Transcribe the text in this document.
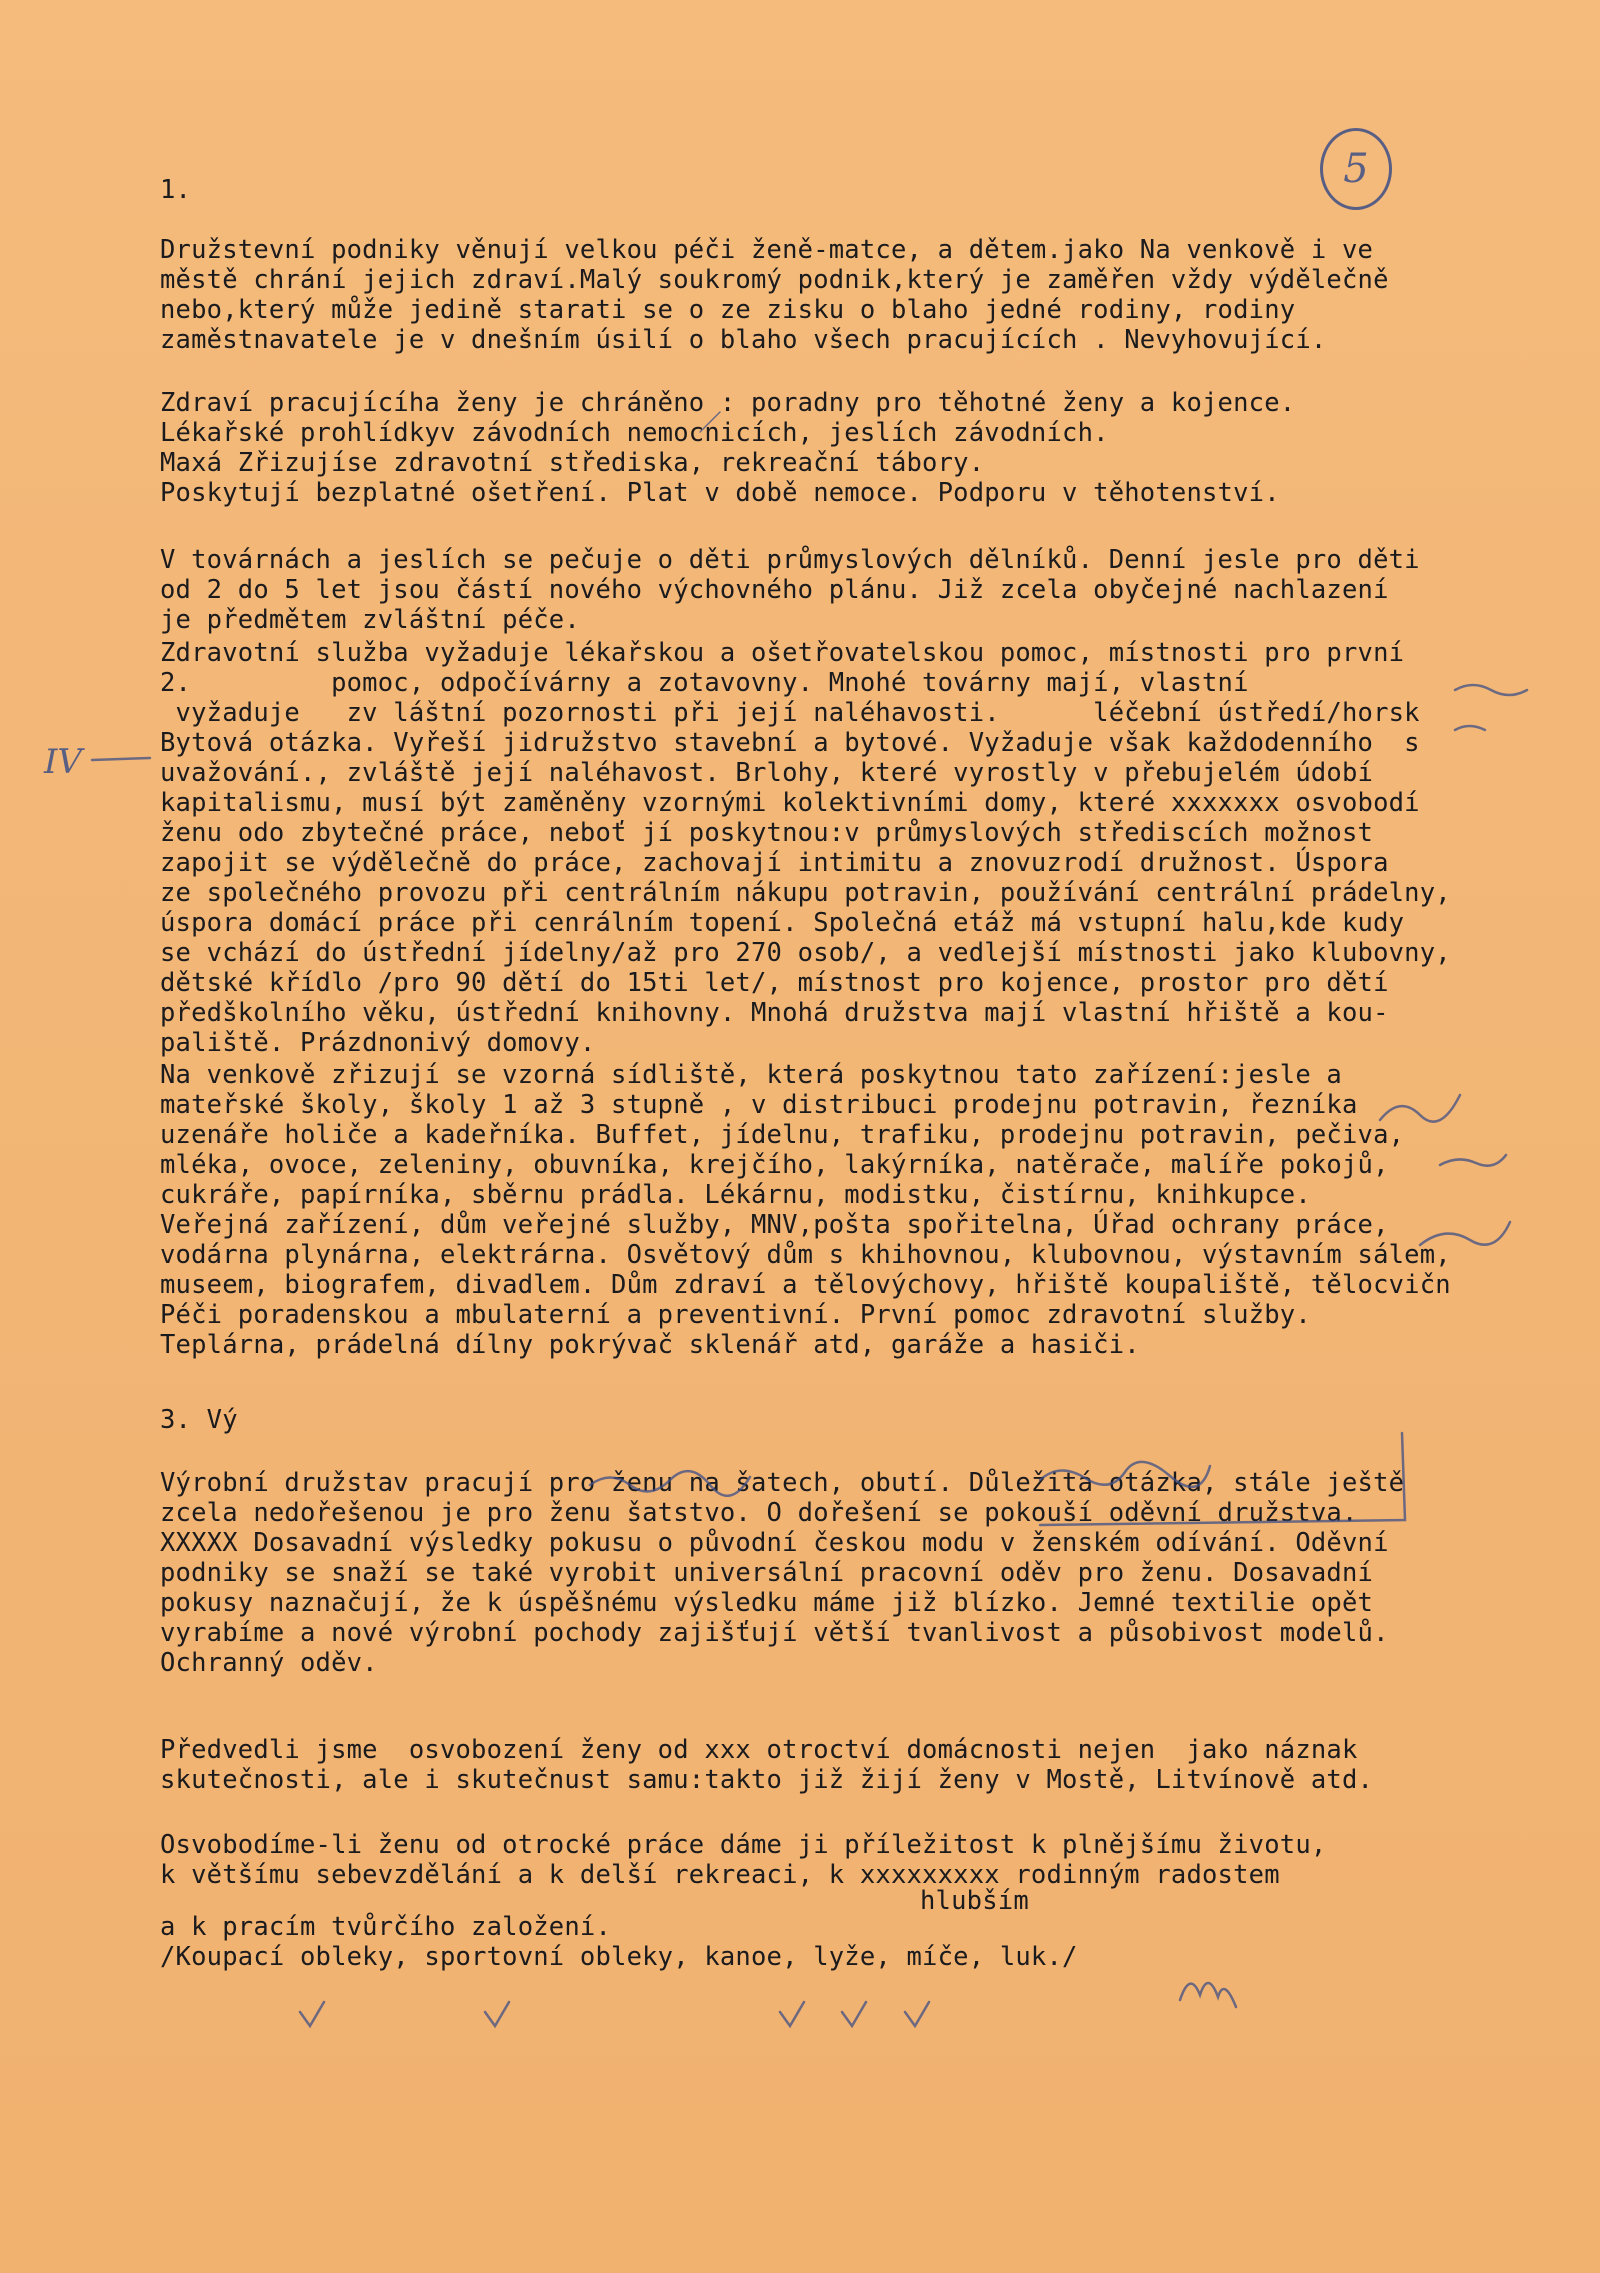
5
IV
1.
Družstevní podniky věnují velkou péči ženě-matce, a dětem.jako Na venkově i ve
městě chrání jejich zdraví.Malý soukromý podnik,který je zaměřen vždy výdělečně
nebo,který může jedině starati se o ze zisku o blaho jedné rodiny, rodiny
zaměstnavatele je v dnešním úsilí o blaho všech pracujících . Nevyhovující.
Zdraví pracujícíha ženy je chráněno : poradny pro těhotné ženy a kojence.
Lékařské prohlídkyv závodních nemocnicích, jeslích závodních.
Maxá Zřizujíse zdravotní střediska, rekreační tábory.
Poskytují bezplatné ošetření. Plat v době nemoce. Podporu v těhotenství.
V továrnách a jeslích se pečuje o děti průmyslových dělníků. Denní jesle pro děti
od 2 do 5 let jsou částí nového výchovného plánu. Již zcela obyčejné nachlazení
je předmětem zvláštní péče.
Zdravotní služba vyžaduje lékařskou a ošetřovatelskou pomoc, místnosti pro první
2.         pomoc, odpočívárny a zotavovny. Mnohé továrny mají, vlastní
vyžaduje   zv láštní pozornosti při její naléhavosti.      léčební ústředí/horsk
Bytová otázka. Vyřeší jidružstvo stavební a bytové. Vyžaduje však každodenního  s
uvažování., zvláště její naléhavost. Brlohy, které vyrostly v přebujelém údobí
kapitalismu, musí být zaměněny vzornými kolektivními domy, které xxxxxxx osvobodí
ženu odo zbytečné práce, neboť jí poskytnou:v průmyslových střediscích možnost
zapojit se výdělečně do práce, zachovají intimitu a znovuzrodí družnost. Úspora
ze společného provozu při centrálním nákupu potravin, používání centrální prádelny,
úspora domácí práce při cenrálním topení. Společná etáž má vstupní halu,kde kudy
se vchází do ústřední jídelny/až pro 270 osob/, a vedlejší místnosti jako klubovny,
dětské křídlo /pro 90 dětí do 15ti let/, místnost pro kojence, prostor pro dětí
předškolního věku, ústřední knihovny. Mnohá družstva mají vlastní hřiště a kou-
paliště. Prázdnonivý domovy.
Na venkově zřizují se vzorná sídliště, která poskytnou tato zařízení:jesle a
mateřské školy, školy 1 až 3 stupně , v distribuci prodejnu potravin, řezníka
uzenáře holiče a kadeřníka. Buffet, jídelnu, trafiku, prodejnu potravin, pečiva,
mléka, ovoce, zeleniny, obuvníka, krejčího, lakýrníka, natěrače, malíře pokojů,
cukráře, papírníka, sběrnu prádla. Lékárnu, modistku, čistírnu, knihkupce.
Veřejná zařízení, dům veřejné služby, MNV,pošta spořitelna, Úřad ochrany práce,
vodárna plynárna, elektrárna. Osvětový dům s khihovnou, klubovnou, výstavním sálem,
museem, biografem, divadlem. Dům zdraví a tělovýchovy, hřiště koupaliště, tělocvičn
Péči poradenskou a mbulaterní a preventivní. První pomoc zdravotní služby.
Teplárna, prádelná dílny pokrývač sklenář atd, garáže a hasiči.
3. Vý
Výrobní družstav pracují pro ženu na šatech, obutí. Důležitá otázka, stále ještě
zcela nedořešenou je pro ženu šatstvo. O dořešení se pokouší oděvní družstva.
XXXXX Dosavadní výsledky pokusu o původní českou modu v ženském odívání. Oděvní
podniky se snaží se také vyrobit universální pracovní oděv pro ženu. Dosavadní
pokusy naznačují, že k úspěšnému výsledku máme již blízko. Jemné textilie opět
vyrabíme a nové výrobní pochody zajišťují větší tvanlivost a působivost modelů.
Ochranný oděv.
Předvedli jsme  osvobození ženy od xxx otroctví domácnosti nejen  jako náznak
skutečnosti, ale i skutečnust samu:takto již žijí ženy v Mostě, Litvínově atd.
Osvobodíme-li ženu od otrocké práce dáme ji příležitost k plnějšímu životu,
k většímu sebevzdělání a k delší rekreaci, k xxxxxxxxx rodinným radostem
hlubším
a k pracím tvůrčího založení.
/Koupací obleky, sportovní obleky, kanoe, lyže, míče, luk./
